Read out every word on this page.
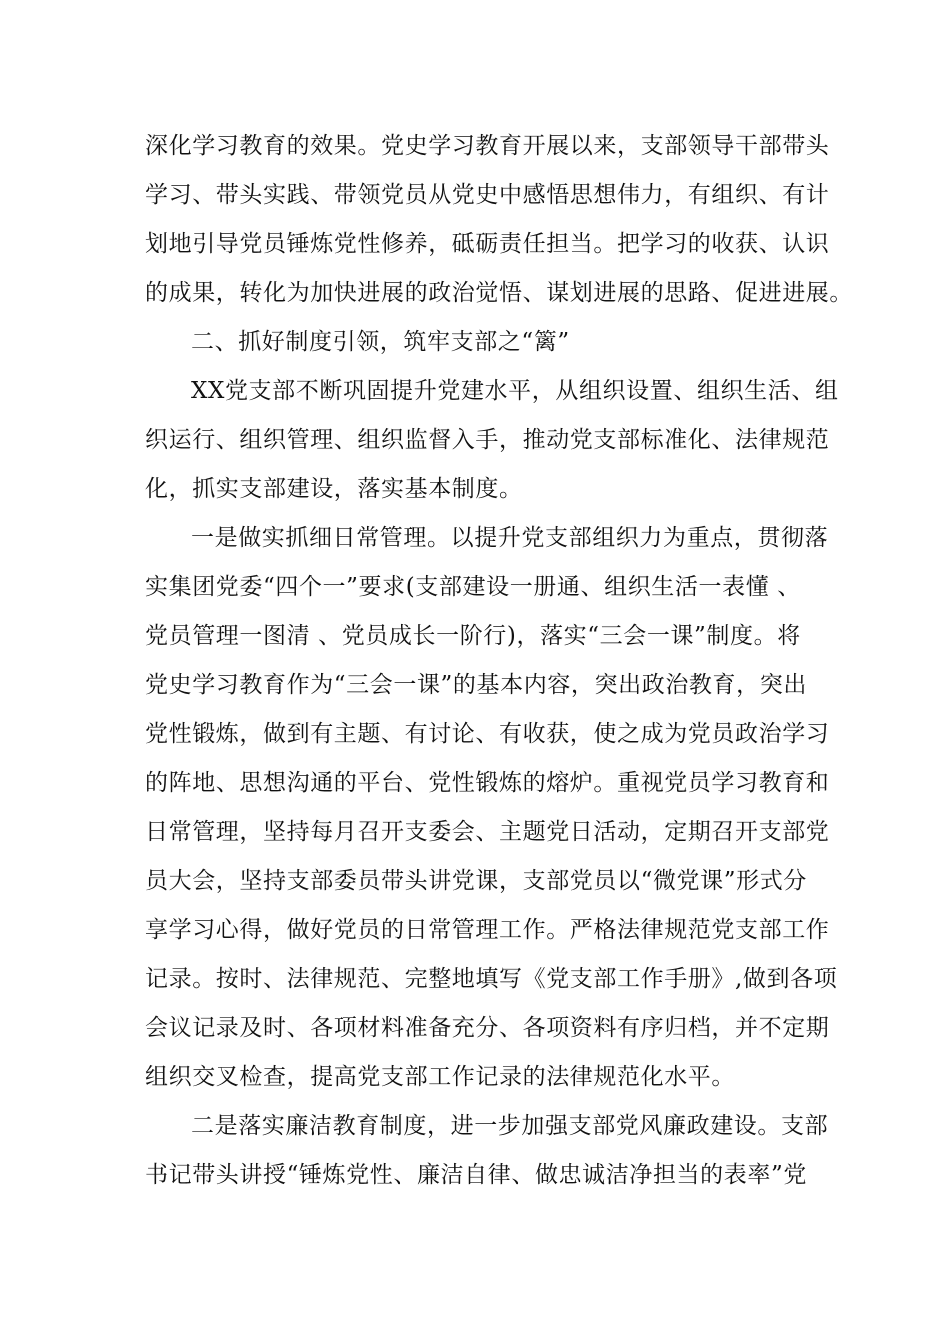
深化学习教育的效果。党史学习教育开展以来，支部领导干部带头
学习、带头实践、带领党员从党史中感悟思想伟力，有组织、有计
划地引导党员锤炼党性修养，砥砺责任担当。把学习的收获、认识
的成果，转化为加快进展的政治觉悟、谋划进展的思路、促进进展。
二、抓好制度引领，筑牢支部之“篱”
XX党支部不断巩固提升党建水平，从组织设置、组织生活、组
织运行、组织管理、组织监督入手，推动党支部标准化、法律规范
化，抓实支部建设，落实基本制度。
一是做实抓细日常管理。以提升党支部组织力为重点，贯彻落
实集团党委“四个一”要求(支部建设一册通、组织生活一表懂 、
党员管理一图清 、党员成长一阶行)，落实“三会一课”制度。将
党史学习教育作为“三会一课”的基本内容，突出政治教育，突出
党性锻炼，做到有主题、有讨论、有收获，使之成为党员政治学习
的阵地、思想沟通的平台、党性锻炼的熔炉。重视党员学习教育和
日常管理，坚持每月召开支委会、主题党日活动，定期召开支部党
员大会，坚持支部委员带头讲党课，支部党员以“微党课”形式分
享学习心得，做好党员的日常管理工作。严格法律规范党支部工作
记录。按时、法律规范、完整地填写《党支部工作手册》,做到各项
会议记录及时、各项材料准备充分、各项资料有序归档，并不定期
组织交叉检查，提高党支部工作记录的法律规范化水平。
二是落实廉洁教育制度，进一步加强支部党风廉政建设。支部
书记带头讲授“锤炼党性、廉洁自律、做忠诚洁净担当的表率”党
